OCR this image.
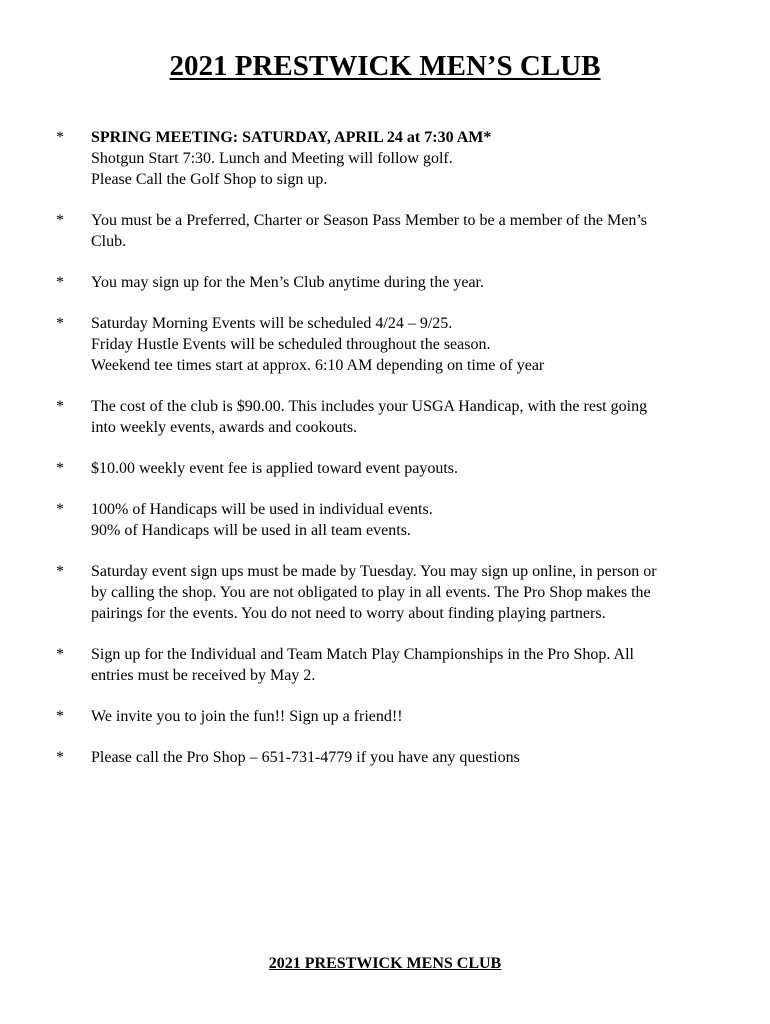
2021 PRESTWICK MEN’S CLUB
* SPRING MEETING: SATURDAY, APRIL 24 at 7:30 AM*
Shotgun Start 7:30. Lunch and Meeting will follow golf.
Please Call the Golf Shop to sign up.
* You must be a Preferred, Charter or Season Pass Member to be a member of the Men’s
Club.
* You may sign up for the Men’s Club anytime during the year.
* Saturday Morning Events will be scheduled 4/24 – 9/25.
Friday Hustle Events will be scheduled throughout the season.
Weekend tee times start at approx. 6:10 AM depending on time of year
* The cost of the club is $90.00. This includes your USGA Handicap, with the rest going
into weekly events, awards and cookouts.
* $10.00 weekly event fee is applied toward event payouts.
* 100% of Handicaps will be used in individual events.
90% of Handicaps will be used in all team events.
* Saturday event sign ups must be made by Tuesday. You may sign up online, in person or
by calling the shop. You are not obligated to play in all events. The Pro Shop makes the
pairings for the events. You do not need to worry about finding playing partners.
* Sign up for the Individual and Team Match Play Championships in the Pro Shop. All
entries must be received by May 2.
* We invite you to join the fun!! Sign up a friend!!
* Please call the Pro Shop – 651-731-4779 if you have any questions

2021 PRESTWICK MENS CLUB
